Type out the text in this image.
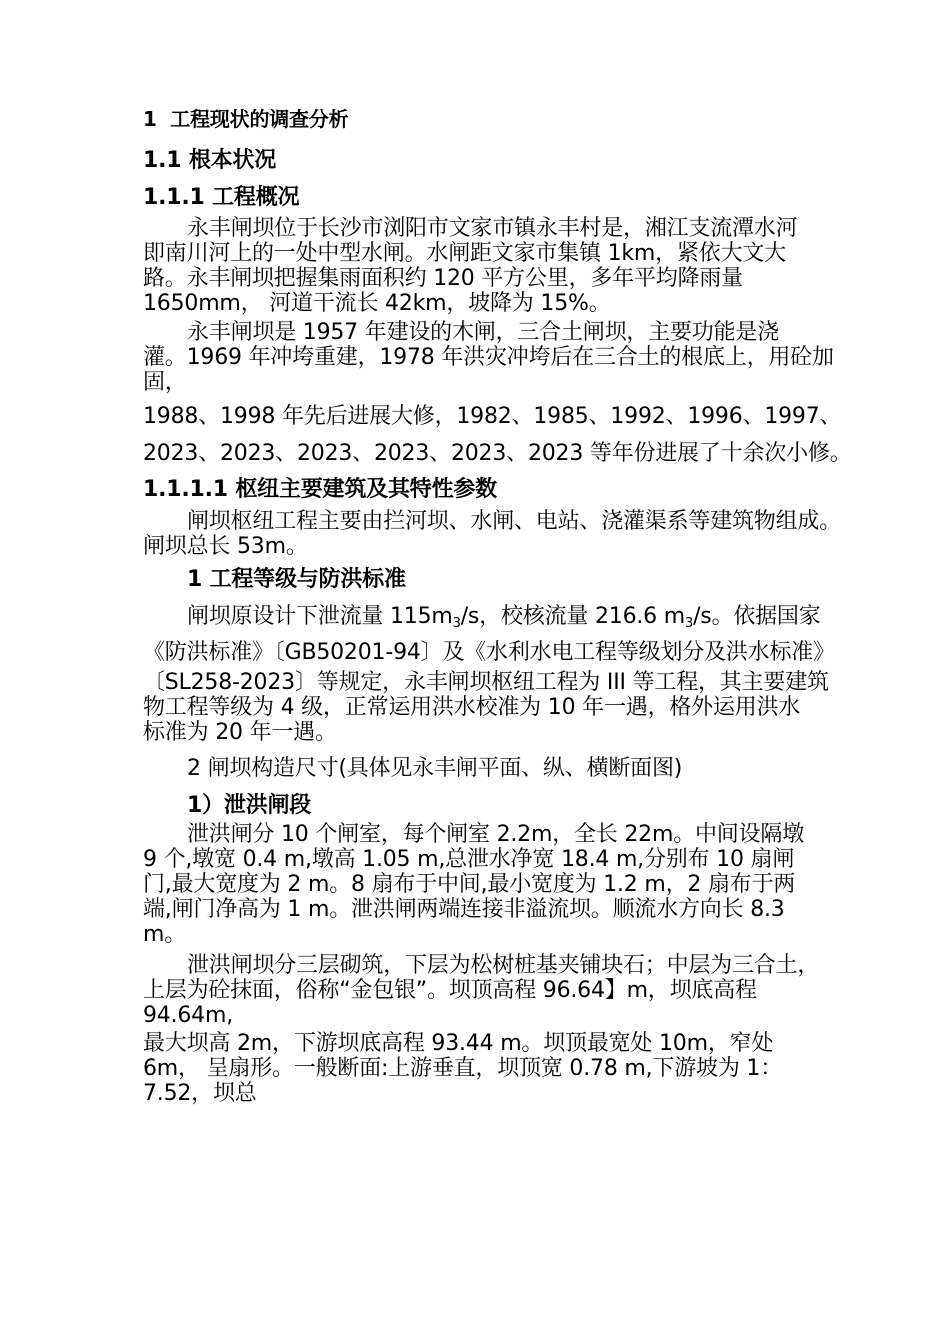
1 工程现状的调查分析
1.1 根本状况
1.1.1 工程概况
永丰闸坝位于长沙市浏阳市文家市镇永丰村是，湘江支流潭水河
即南川河上的一处中型水闸。水闸距文家市集镇 1km，紧依大文大
路。永丰闸坝把握集雨面积约 120 平方公里，多年平均降雨量
1650mm， 河道干流长 42km，坡降为 15%。
永丰闸坝是 1957 年建设的木闸，三合土闸坝，主要功能是浇
灌。1969 年冲垮重建，1978 年洪灾冲垮后在三合土的根底上，用砼加
固，
1988、1998 年先后进展大修，1982、1985、1992、1996、1997、
2023、2023、2023、2023、2023、2023 等年份进展了十余次小修。
1.1.1.1 枢纽主要建筑及其特性参数
闸坝枢纽工程主要由拦河坝、水闸、电站、浇灌渠系等建筑物组成。
闸坝总长 53m。
1 工程等级与防洪标准
闸坝原设计下泄流量 115m3/s，校核流量 216.6 m3/s。依据国家
《防洪标准》〔GB50201-94〕及《水利水电工程等级划分及洪水标准》
〔SL258-2023〕等规定，永丰闸坝枢纽工程为 III 等工程，其主要建筑
物工程等级为 4 级，正常运用洪水校准为 10 年一遇，格外运用洪水
标准为 20 年一遇。
2 闸坝构造尺寸(具体见永丰闸平面、纵、横断面图)
1）泄洪闸段
泄洪闸分 10 个闸室，每个闸室 2.2m，全长 22m。中间设隔墩
9 个,墩宽 0.4 m,墩高 1.05 m,总泄水净宽 18.4 m,分别布 10 扇闸
门,最大宽度为 2 m。8 扇布于中间,最小宽度为 1.2 m，2 扇布于两
端,闸门净高为 1 m。泄洪闸两端连接非溢流坝。顺流水方向长 8.3
m。
泄洪闸坝分三层砌筑，下层为松树桩基夹铺块石；中层为三合土，
上层为砼抹面，俗称“金包银”。坝顶高程 96.64】m，坝底高程
94.64m,
最大坝高 2m，下游坝底高程 93.44 m。坝顶最宽处 10m，窄处
6m， 呈扇形。一般断面:上游垂直，坝顶宽 0.78 m,下游坡为 1：
7.52，坝总
